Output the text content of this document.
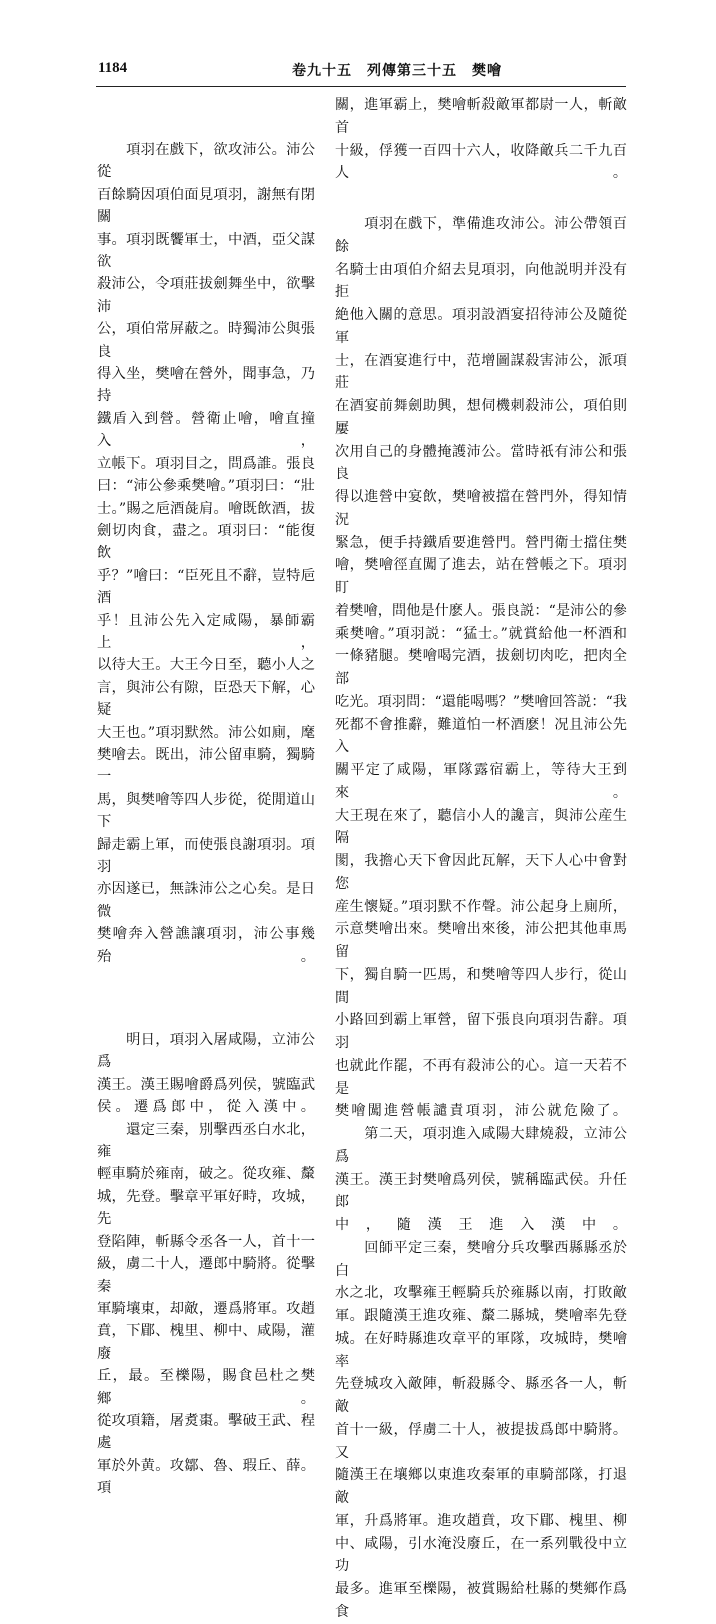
1184	卷九十五　列傳第三十五　樊噲

　　項羽在戲下，欲攻沛公。沛公從
百餘騎因項伯面見項羽，謝無有閉關
事。項羽既饗軍士，中酒，亞父謀欲
殺沛公，令項莊拔劍舞坐中，欲擊沛
公，項伯常屏蔽之。時獨沛公與張良
得入坐，樊噲在營外，聞事急，乃持
鐵盾入到營。營衛止噲，噲直撞入，
立帳下。項羽目之，問爲誰。張良
曰：“沛公參乘樊噲。”項羽曰：“壯
士。”賜之巵酒彘肩。噲既飲酒，拔
劍切肉食，盡之。項羽曰：“能復飲
乎？”噲曰：“臣死且不辭，豈特巵酒
乎！且沛公先入定咸陽，暴師霸上，
以待大王。大王今日至，聽小人之
言，與沛公有隙，臣恐天下解，心疑
大王也。”項羽默然。沛公如廁，麾
樊噲去。既出，沛公留車騎，獨騎一
馬，與樊噲等四人步從，從閒道山下
歸走霸上軍，而使張良謝項羽。項羽
亦因遂已，無誅沛公之心矣。是日微
樊噲奔入營譙讓項羽，沛公事幾殆。

　　明日，項羽入屠咸陽，立沛公爲
漢王。漢王賜噲爵爲列侯，號臨武
侯。遷爲郎中，從入漢中。

　　還定三秦，別擊西丞白水北，雍
輕車騎於雍南，破之。從攻雍、斄
城，先登。擊章平軍好畤，攻城，先
登陷陣，斬縣令丞各一人，首十一
級，虜二十人，遷郎中騎將。從擊秦
軍騎壤東，却敵，遷爲將軍。攻趙
賁，下郿、槐里、柳中、咸陽，灌廢
丘，最。至櫟陽，賜食邑杜之樊鄉。
從攻項籍，屠煑棗。擊破王武、程處
軍於外黄。攻鄒、魯、瑕丘、薛。項

關，進軍霸上，樊噲斬殺敵軍都尉一人，斬敵首
十級，俘獲一百四十六人，收降敵兵二千九百
人。

　　項羽在戲下，準備進攻沛公。沛公帶領百餘
名騎士由項伯介紹去見項羽，向他説明并没有拒
絶他入關的意思。項羽設酒宴招待沛公及隨從軍
士，在酒宴進行中，范增圖謀殺害沛公，派項莊
在酒宴前舞劍助興，想伺機刺殺沛公，項伯則屢
次用自己的身體掩護沛公。當時祇有沛公和張良
得以進營中宴飲，樊噲被擋在營門外，得知情況
緊急，便手持鐵盾要進營門。營門衛士擋住樊
噲，樊噲徑直闖了進去，站在營帳之下。項羽盯
着樊噲，問他是什麽人。張良説：“是沛公的參
乘樊噲。”項羽説：“猛士。”就賞給他一杯酒和
一條豬腿。樊噲喝完酒，拔劍切肉吃，把肉全部
吃光。項羽問：“還能喝嗎？”樊噲回答説：“我
死都不會推辭，難道怕一杯酒麽！况且沛公先入
關平定了咸陽，軍隊露宿霸上，等待大王到來。
大王現在來了，聽信小人的讒言，與沛公産生隔
閡，我擔心天下會因此瓦解，天下人心中會對您
産生懷疑。”項羽默不作聲。沛公起身上廁所，
示意樊噲出來。樊噲出來後，沛公把其他車馬留
下，獨自騎一匹馬，和樊噲等四人步行，從山間
小路回到霸上軍營，留下張良向項羽告辭。項羽
也就此作罷，不再有殺沛公的心。這一天若不是
樊噲闖進營帳譴責項羽，沛公就危險了。

　　第二天，項羽進入咸陽大肆燒殺，立沛公爲
漢王。漢王封樊噲爲列侯，號稱臨武侯。升任郎
中，隨漢王進入漢中。

　　回師平定三秦，樊噲分兵攻擊西縣縣丞於白
水之北，攻擊雍王輕騎兵於雍縣以南，打敗敵
軍。跟隨漢王進攻雍、斄二縣城，樊噲率先登
城。在好畤縣進攻章平的軍隊，攻城時，樊噲率
先登城攻入敵陣，斬殺縣令、縣丞各一人，斬敵
首十一級，俘虜二十人，被提拔爲郎中騎將。又
隨漢王在壤鄉以東進攻秦軍的車騎部隊，打退敵
軍，升爲將軍。進攻趙賁，攻下郿、槐里、柳
中、咸陽，引水淹没廢丘，在一系列戰役中立功
最多。進軍至櫟陽，被賞賜給杜縣的樊鄉作爲食
